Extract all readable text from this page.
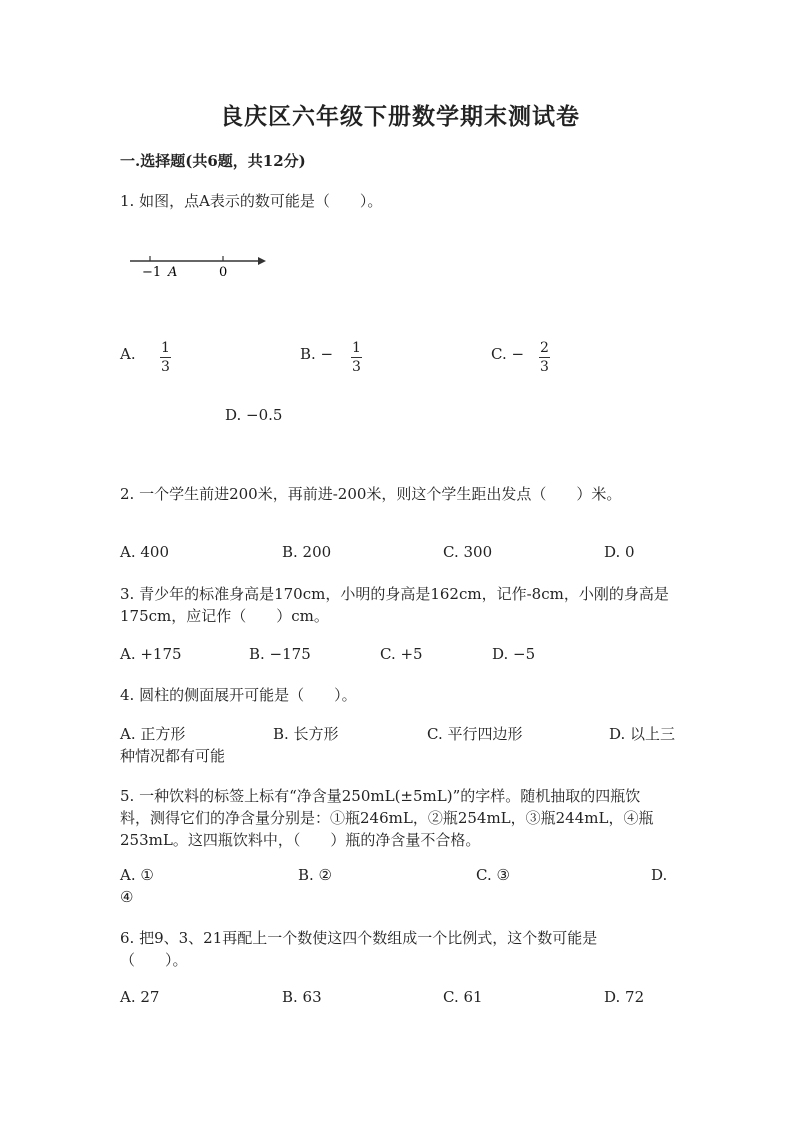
良庆区六年级下册数学期末测试卷
一.选择题(共6题，共12分)
1. 如图，点A表示的数可能是（　　）。
−1 A	0
A. 1
3
B. − 1
3
C. − 2
3
D. −0.5
2. 一个学生前进200米，再前进-200米，则这个学生距出发点（　　）米。
A. 400	B. 200	C. 300	D. 0
3. 青少年的标准身高是170cm，小明的身高是162cm，记作-8cm，小刚的身高是
175cm，应记作（　　）cm。
A. +175	B. −175	C. +5	D. −5
4. 圆柱的侧面展开可能是（　　）。
A. 正方形	B. 长方形	C. 平行四边形	D. 以上三
种情况都有可能
5. 一种饮料的标签上标有“净含量250mL(±5mL)”的字样。随机抽取的四瓶饮
料，测得它们的净含量分别是：①瓶246mL，②瓶254mL，③瓶244mL，④瓶
253mL。这四瓶饮料中，（　　）瓶的净含量不合格。
A. ①	B. ②	C. ③	D.
④
6. 把9、3、21再配上一个数使这四个数组成一个比例式，这个数可能是
（　　）。
A. 27	B. 63	C. 61	D. 72
